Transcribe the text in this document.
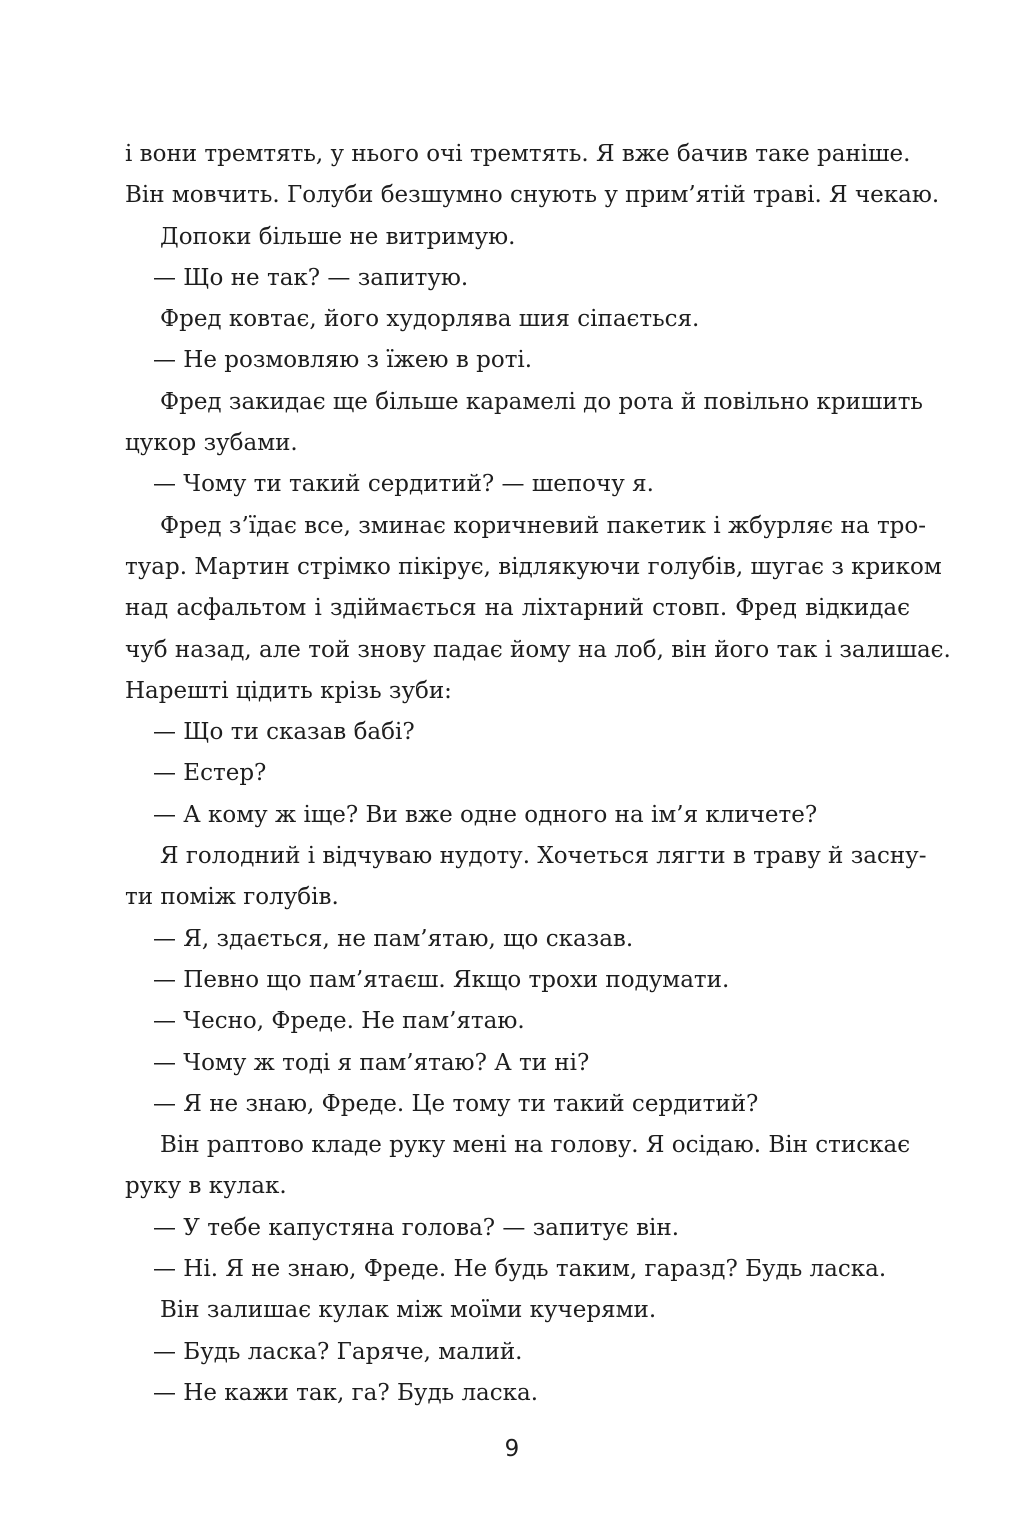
і вони тремтять, у нього очі тремтять. Я вже бачив таке раніше.
Він мовчить. Голуби безшумно снують у прим’ятій траві. Я чекаю.
Допоки більше не витримую.
— Що не так? — запитую.
Фред ковтає, його худорлява шия сіпається.
— Не розмовляю з їжею в роті.
Фред закидає ще більше карамелі до рота й повільно кришить
цукор зубами.
— Чому ти такий сердитий? — шепочу я.
Фред з’їдає все, зминає коричневий пакетик і жбурляє на тро-
туар. Мартин стрімко пікірує, відлякуючи голубів, шугає з криком
над асфальтом і здіймається на ліхтарний стовп. Фред відкидає
чуб назад, але той знову падає йому на лоб, він його так і залишає.
Нарешті цідить крізь зуби:
— Що ти сказав бабі?
— Естер?
— А кому ж іще? Ви вже одне одного на ім’я кличете?
Я голодний і відчуваю нудоту. Хочеться лягти в траву й засну-
ти поміж голубів.
— Я, здається, не пам’ятаю, що сказав.
— Певно що пам’ятаєш. Якщо трохи подумати.
— Чесно, Фреде. Не пам’ятаю.
— Чому ж тоді я пам’ятаю? А ти ні?
— Я не знаю, Фреде. Це тому ти такий сердитий?
Він раптово кладе руку мені на голову. Я осідаю. Він стискає
руку в кулак.
— У тебе капустяна голова? — запитує він.
— Ні. Я не знаю, Фреде. Не будь таким, гаразд? Будь ласка.
Він залишає кулак між моїми кучерями.
— Будь ласка? Гаряче, малий.
— Не кажи так, га? Будь ласка.
9
